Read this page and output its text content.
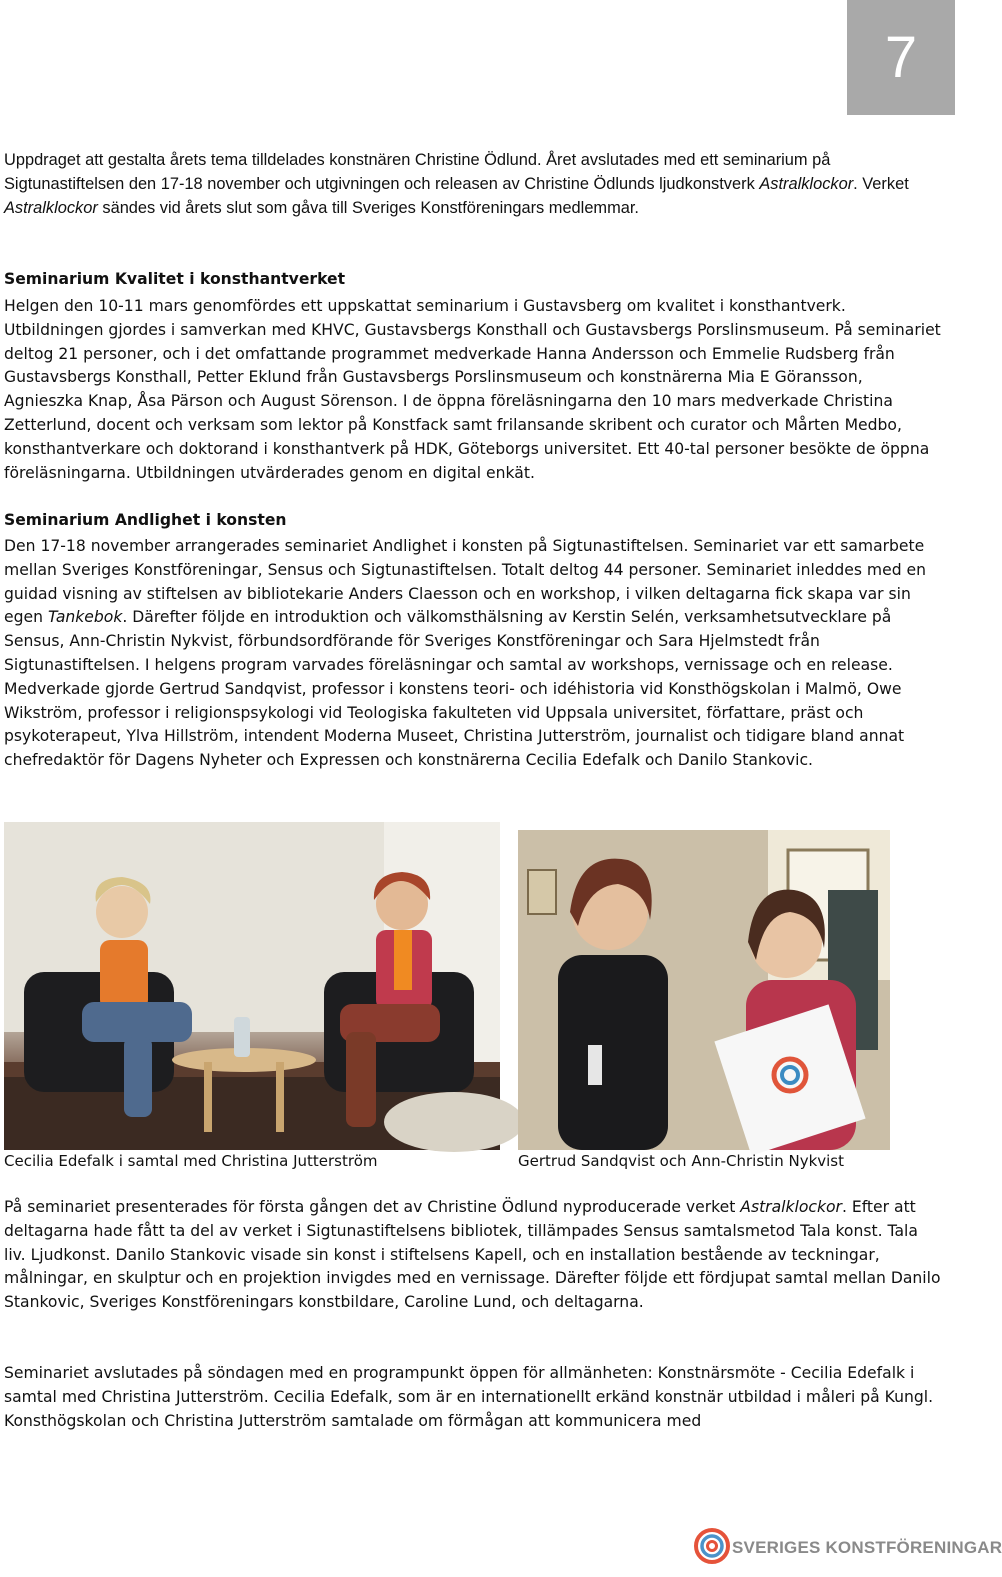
7

Uppdraget att gestalta årets tema tilldelades konstnären Christine Ödlund. Året avslutades med ett seminarium på Sigtunastiftelsen den 17-18 november och utgivningen och releasen av Christine Ödlunds ljudkonstverk Astralklockor. Verket Astralklockor sändes vid årets slut som gåva till Sveriges Konstföreningars medlemmar.

Seminarium Kvalitet i konsthantverket

Helgen den 10-11 mars genomfördes ett uppskattat seminarium i Gustavsberg om kvalitet i konsthantverk. Utbildningen gjordes i samverkan med KHVC, Gustavsbergs Konsthall och Gustavsbergs Porslinsmuseum. På seminariet deltog 21 personer, och i det omfattande programmet medverkade Hanna Andersson och Emmelie Rudsberg från Gustavsbergs Konsthall, Petter Eklund från Gustavsbergs Porslinsmuseum och konstnärerna Mia E Göransson, Agnieszka Knap, Åsa Pärson och August Sörenson. I de öppna föreläsningarna den 10 mars medverkade Christina Zetterlund, docent och verksam som lektor på Konstfack samt frilansande skribent och curator och Mårten Medbo, konsthantverkare och doktorand i konsthantverk på HDK, Göteborgs universitet. Ett 40-tal personer besökte de öppna föreläsningarna. Utbildningen utvärderades genom en digital enkät.

Seminarium Andlighet i konsten

Den 17-18 november arrangerades seminariet Andlighet i konsten på Sigtunastiftelsen. Seminariet var ett samarbete mellan Sveriges Konstföreningar, Sensus och Sigtunastiftelsen. Totalt deltog 44 personer. Seminariet inleddes med en guidad visning av stiftelsen av bibliotekarie Anders Claesson och en workshop, i vilken deltagarna fick skapa var sin egen Tankebok. Därefter följde en introduktion och välkomsthälsning av Kerstin Selén, verksamhetsutvecklare på Sensus, Ann-Christin Nykvist, förbundsordförande för Sveriges Konstföreningar och Sara Hjelmstedt från Sigtunastiftelsen. I helgens program varvades föreläsningar och samtal av workshops, vernissage och en release. Medverkade gjorde Gertrud Sandqvist, professor i konstens teori- och idéhistoria vid Konsthögskolan i Malmö, Owe Wikström, professor i religionspsykologi vid Teologiska fakulteten vid Uppsala universitet, författare, präst och psykoterapeut, Ylva Hillström, intendent Moderna Museet, Christina Jutterström, journalist och tidigare bland annat chefredaktör för Dagens Nyheter och Expressen och konstnärerna Cecilia Edefalk och Danilo Stankovic.

Cecilia Edefalk i samtal med Christina Jutterström	Gertrud Sandqvist och Ann-Christin Nykvist

På seminariet presenterades för första gången det av Christine Ödlund nyproducerade verket Astralklockor. Efter att deltagarna hade fått ta del av verket i Sigtunastiftelsens bibliotek, tillämpades Sensus samtalsmetod Tala konst. Tala liv. Ljudkonst. Danilo Stankovic visade sin konst i stiftelsens Kapell, och en installation bestående av teckningar, målningar, en skulptur och en projektion invigdes med en vernissage. Därefter följde ett fördjupat samtal mellan Danilo Stankovic, Sveriges Konstföreningars konstbildare, Caroline Lund, och deltagarna.

Seminariet avslutades på söndagen med en programpunkt öppen för allmänheten: Konstnärsmöte - Cecilia Edefalk i samtal med Christina Jutterström. Cecilia Edefalk, som är en internationellt erkänd konstnär utbildad i måleri på Kungl. Konsthögskolan och Christina Jutterström samtalade om förmågan att kommunicera med

SVERIGES KONSTFÖRENINGAR
